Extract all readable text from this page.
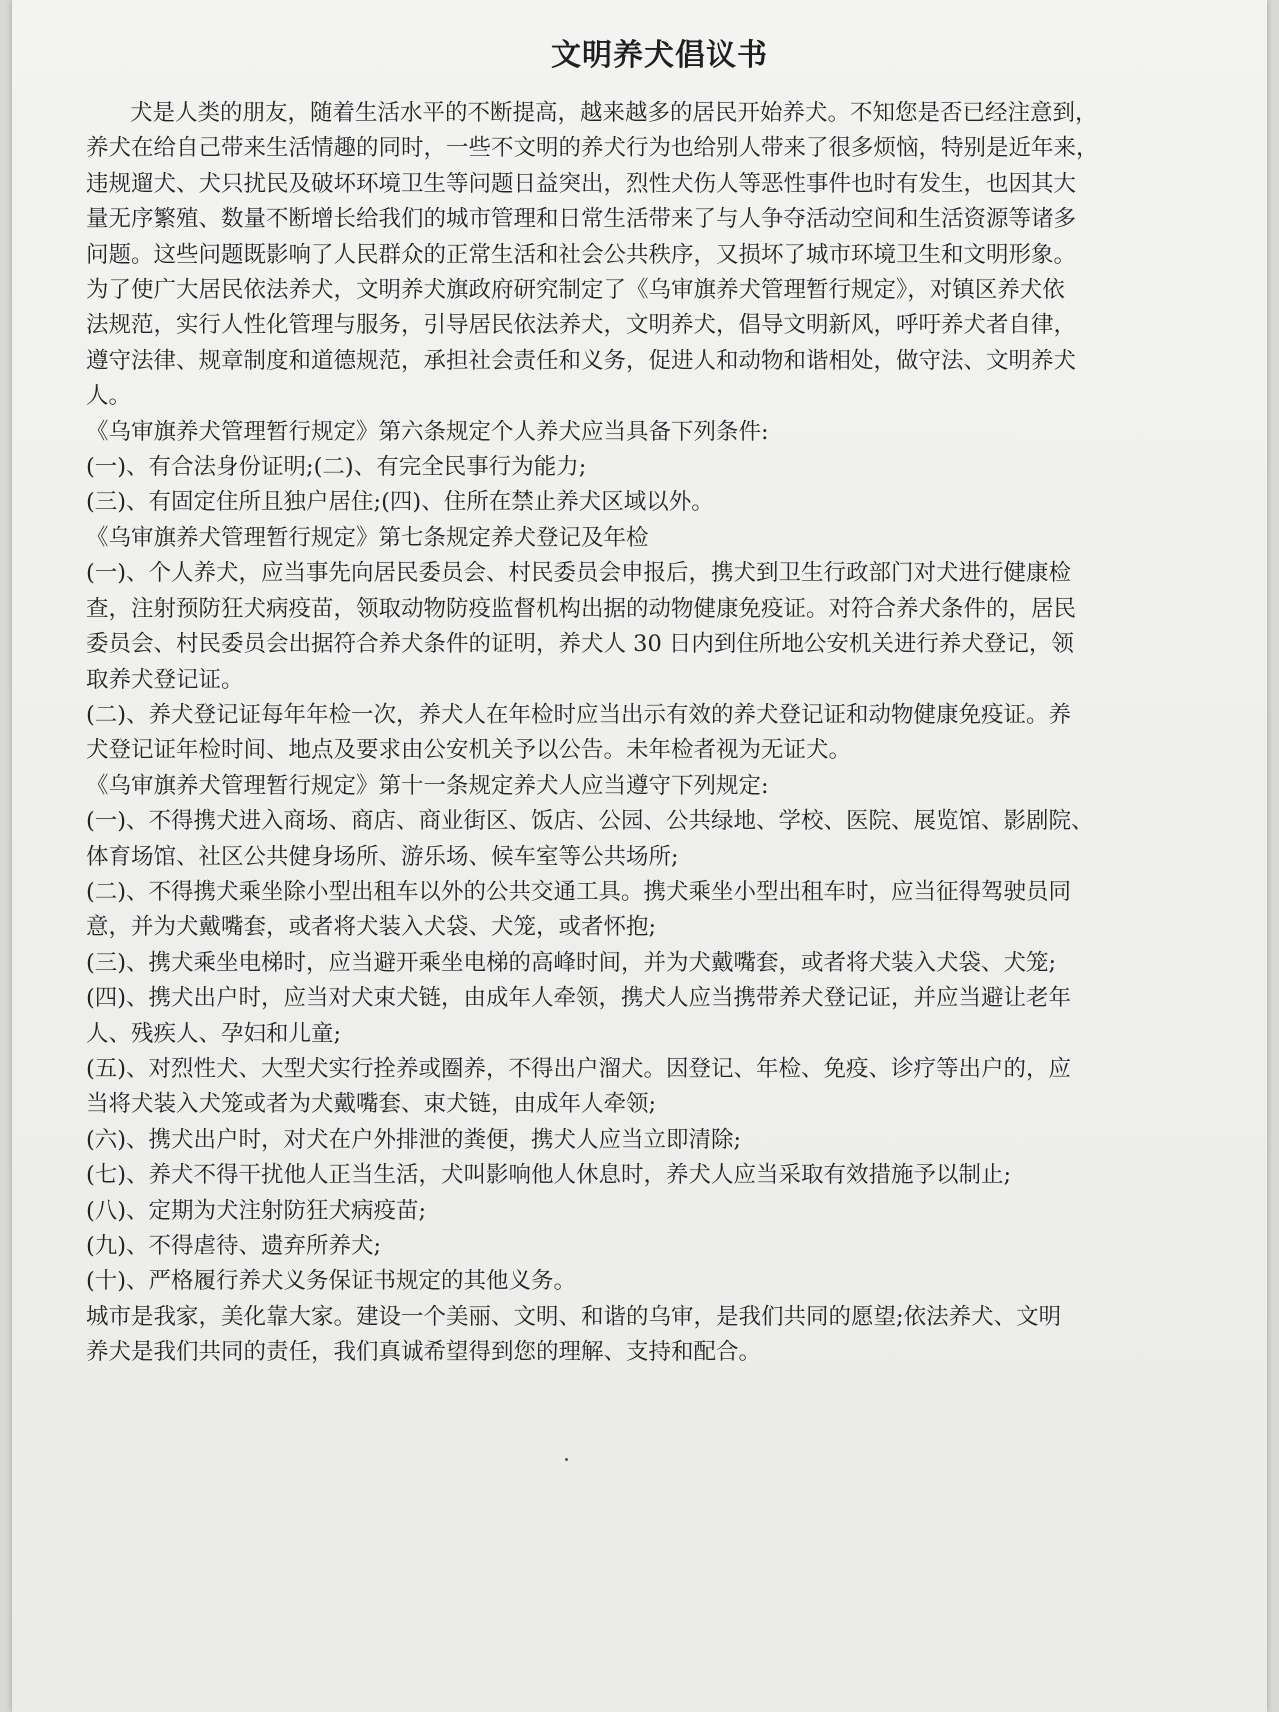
文明养犬倡议书

犬是人类的朋友，随着生活水平的不断提高，越来越多的居民开始养犬。不知您是否已经注意到，

养犬在给自己带来生活情趣的同时，一些不文明的养犬行为也给别人带来了很多烦恼，特别是近年来，

违规遛犬、犬只扰民及破坏环境卫生等问题日益突出，烈性犬伤人等恶性事件也时有发生，也因其大

量无序繁殖、数量不断增长给我们的城市管理和日常生活带来了与人争夺活动空间和生活资源等诸多

问题。这些问题既影响了人民群众的正常生活和社会公共秩序，又损坏了城市环境卫生和文明形象。

为了使广大居民依法养犬，文明养犬旗政府研究制定了《乌审旗养犬管理暂行规定》，对镇区养犬依

法规范，实行人性化管理与服务，引导居民依法养犬，文明养犬，倡导文明新风，呼吁养犬者自律，

遵守法律、规章制度和道德规范，承担社会责任和义务，促进人和动物和谐相处，做守法、文明养犬

人。

《乌审旗养犬管理暂行规定》第六条规定个人养犬应当具备下列条件:

(一)、有合法身份证明;(二)、有完全民事行为能力;

(三)、有固定住所且独户居住;(四)、住所在禁止养犬区域以外。

《乌审旗养犬管理暂行规定》第七条规定养犬登记及年检

(一)、个人养犬，应当事先向居民委员会、村民委员会申报后，携犬到卫生行政部门对犬进行健康检

查，注射预防狂犬病疫苗，领取动物防疫监督机构出据的动物健康免疫证。对符合养犬条件的，居民

委员会、村民委员会出据符合养犬条件的证明，养犬人 30 日内到住所地公安机关进行养犬登记，领

取养犬登记证。

(二)、养犬登记证每年年检一次，养犬人在年检时应当出示有效的养犬登记证和动物健康免疫证。养

犬登记证年检时间、地点及要求由公安机关予以公告。未年检者视为无证犬。

《乌审旗养犬管理暂行规定》第十一条规定养犬人应当遵守下列规定:

(一)、不得携犬进入商场、商店、商业街区、饭店、公园、公共绿地、学校、医院、展览馆、影剧院、

体育场馆、社区公共健身场所、游乐场、候车室等公共场所;

(二)、不得携犬乘坐除小型出租车以外的公共交通工具。携犬乘坐小型出租车时，应当征得驾驶员同

意，并为犬戴嘴套，或者将犬装入犬袋、犬笼，或者怀抱;

(三)、携犬乘坐电梯时，应当避开乘坐电梯的高峰时间，并为犬戴嘴套，或者将犬装入犬袋、犬笼;

(四)、携犬出户时，应当对犬束犬链，由成年人牵领，携犬人应当携带养犬登记证，并应当避让老年

人、残疾人、孕妇和儿童;

(五)、对烈性犬、大型犬实行拴养或圈养，不得出户溜犬。因登记、年检、免疫、诊疗等出户的，应

当将犬装入犬笼或者为犬戴嘴套、束犬链，由成年人牵领;

(六)、携犬出户时，对犬在户外排泄的粪便，携犬人应当立即清除;

(七)、养犬不得干扰他人正当生活，犬叫影响他人休息时，养犬人应当采取有效措施予以制止;

(八)、定期为犬注射防狂犬病疫苗;

(九)、不得虐待、遗弃所养犬;

(十)、严格履行养犬义务保证书规定的其他义务。

城市是我家，美化靠大家。建设一个美丽、文明、和谐的乌审，是我们共同的愿望;依法养犬、文明

养犬是我们共同的责任，我们真诚希望得到您的理解、支持和配合。
